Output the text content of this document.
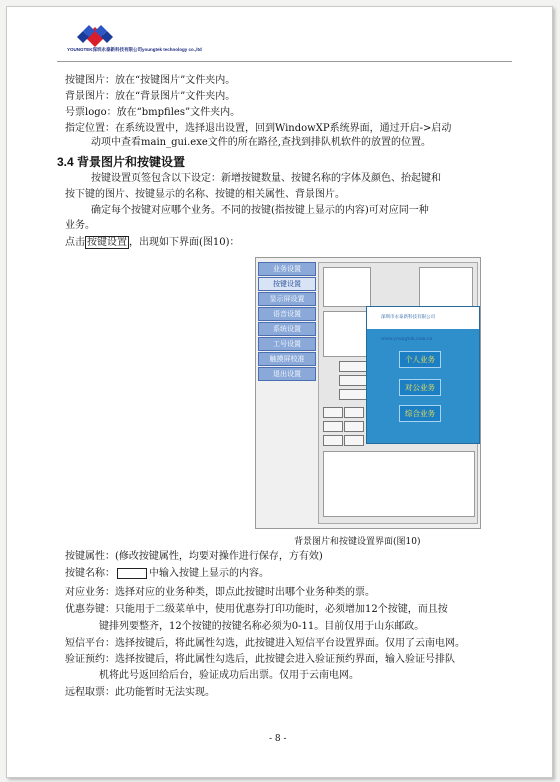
YOUNGTEK深圳永泰新科技有限公司youngtek technology co.,ltd
按键图片：放在“按键图片”文件夹内。
背景图片：放在“背景图片”文件夹内。
号票logo：放在“bmpfiles”文件夹内。
指定位置：在系统设置中，选择退出设置，回到WindowXP系统界面，通过开启->启动
动项中查看main_gui.exe文件的所在路径,查找到排队机软件的放置的位置。
3.4 背景图片和按键设置
按键设置页签包含以下设定：新增按键数量、按键名称的字体及颜色、抬起键和
按下键的图片、按键显示的名称、按键的相关属性、背景图片。
确定每个按键对应哪个业务。不同的按键(指按键上显示的内容)可对应同一种
业务。
点击 按键设置 ，出现如下界面(图10)：
业务设置
按键设置
显示屏设置
语音设置
系统设置
工号设置
触摸屏校准
退出设置
深圳市永泰新科技有限公司 www.youngtek.com.cn
个人业务
对公业务
综合业务
背景图片和按键设置界面(图10)
按键属性：(修改按键属性，均要对操作进行保存，方有效)
按键名称：	中输入按键上显示的内容。
对应业务：选择对应的业务种类，即点此按键时出哪个业务种类的票。
优惠券键：只能用于二级菜单中，使用优惠券打印功能时，必须增加12个按键，而且按
键排列要整齐，12个按键的按键名称必须为0-11。目前仅用于山东邮政。
短信平台：选择按键后，将此属性勾选，此按键进入短信平台设置界面。仅用了云南电网。
验证预约：选择按键后，将此属性勾选后，此按键会进入验证预约界面，输入验证号排队
机将此号返回给后台，验证成功后出票。仅用于云南电网。
远程取票：此功能暂时无法实现。
- 8 -
